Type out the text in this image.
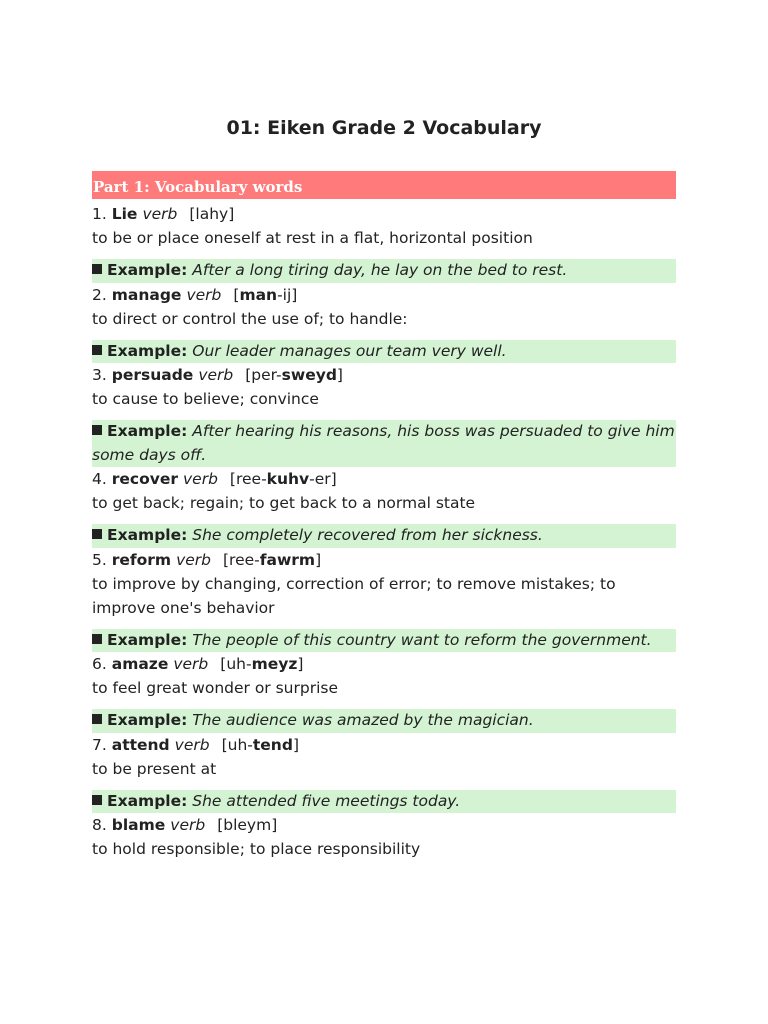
01: Eiken Grade 2 Vocabulary
Part 1: Vocabulary words
1. Lie verb [lahy]
to be or place oneself at rest in a flat, horizontal position
Example: After a long tiring day, he lay on the bed to rest.
2. manage verb [man-ij]
to direct or control the use of; to handle:
Example: Our leader manages our team very well.
3. persuade verb [per-sweyd]
to cause to believe; convince
Example: After hearing his reasons, his boss was persuaded to give him some days off.
4. recover verb [ree-kuhv-er]
to get back; regain; to get back to a normal state
Example: She completely recovered from her sickness.
5. reform verb [ree-fawrm]
to improve by changing, correction of error; to remove mistakes; to improve one's behavior
Example: The people of this country want to reform the government.
6. amaze verb [uh-meyz]
to feel great wonder or surprise
Example: The audience was amazed by the magician.
7. attend verb [uh-tend]
to be present at
Example: She attended five meetings today.
8. blame verb [bleym]
to hold responsible; to place responsibility
